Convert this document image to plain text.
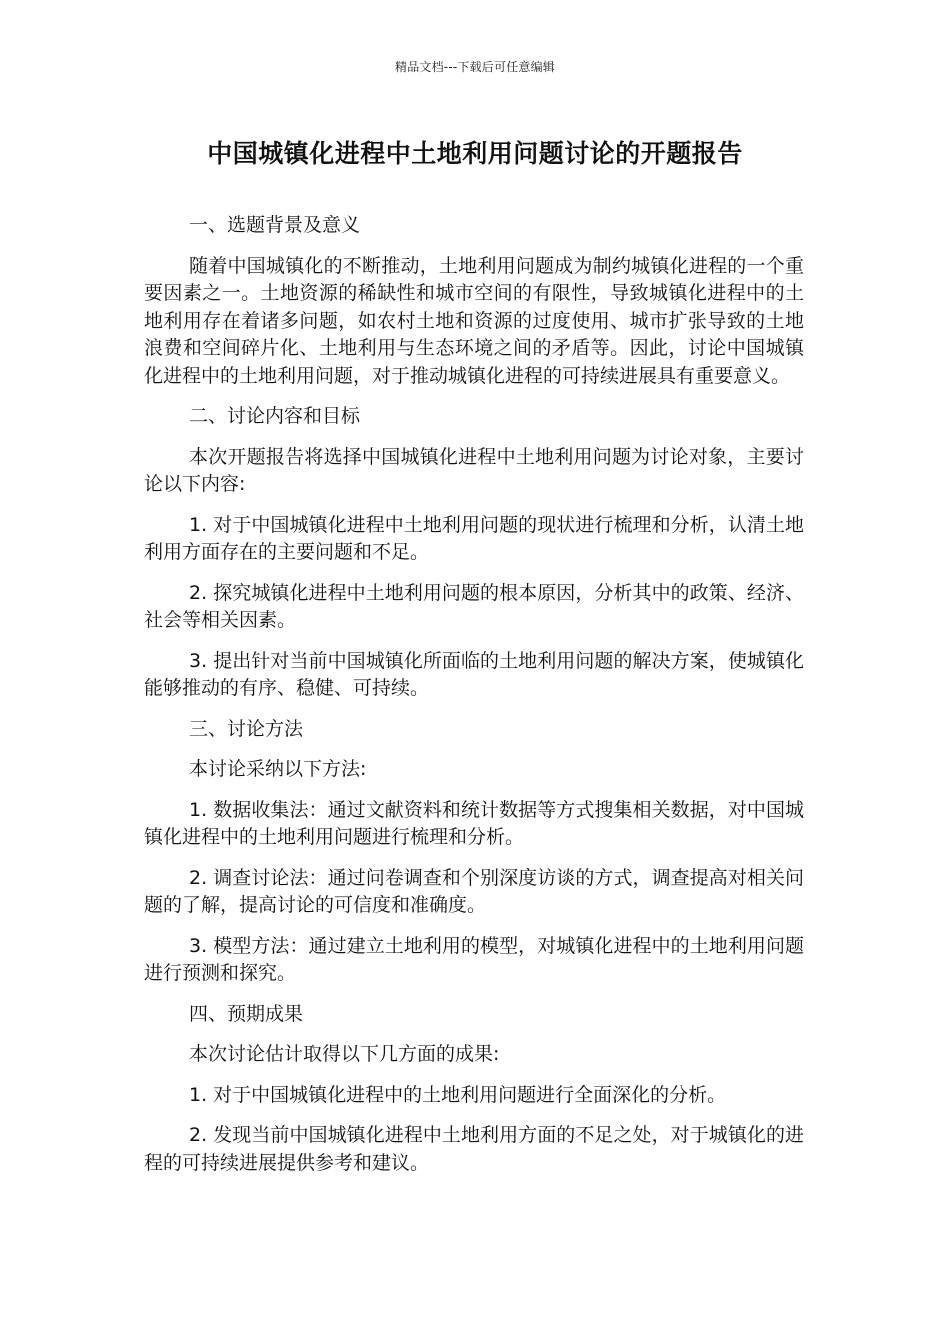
精品文档---下载后可任意编辑
中国城镇化进程中土地利用问题讨论的开题报告

一、选题背景及意义

随着中国城镇化的不断推动，土地利用问题成为制约城镇化进程的一个重要因素之一。土地资源的稀缺性和城市空间的有限性，导致城镇化进程中的土地利用存在着诸多问题，如农村土地和资源的过度使用、城市扩张导致的土地浪费和空间碎片化、土地利用与生态环境之间的矛盾等。因此，讨论中国城镇化进程中的土地利用问题，对于推动城镇化进程的可持续进展具有重要意义。

二、讨论内容和目标

本次开题报告将选择中国城镇化进程中土地利用问题为讨论对象，主要讨论以下内容:

1. 对于中国城镇化进程中土地利用问题的现状进行梳理和分析，认清土地利用方面存在的主要问题和不足。

2. 探究城镇化进程中土地利用问题的根本原因，分析其中的政策、经济、社会等相关因素。

3. 提出针对当前中国城镇化所面临的土地利用问题的解决方案，使城镇化能够推动的有序、稳健、可持续。

三、讨论方法

本讨论采纳以下方法:

1. 数据收集法：通过文献资料和统计数据等方式搜集相关数据，对中国城镇化进程中的土地利用问题进行梳理和分析。

2. 调查讨论法：通过问卷调查和个别深度访谈的方式，调查提高对相关问题的了解，提高讨论的可信度和准确度。

3. 模型方法：通过建立土地利用的模型，对城镇化进程中的土地利用问题进行预测和探究。

四、预期成果

本次讨论估计取得以下几方面的成果:

1. 对于中国城镇化进程中的土地利用问题进行全面深化的分析。

2. 发现当前中国城镇化进程中土地利用方面的不足之处，对于城镇化的进程的可持续进展提供参考和建议。
